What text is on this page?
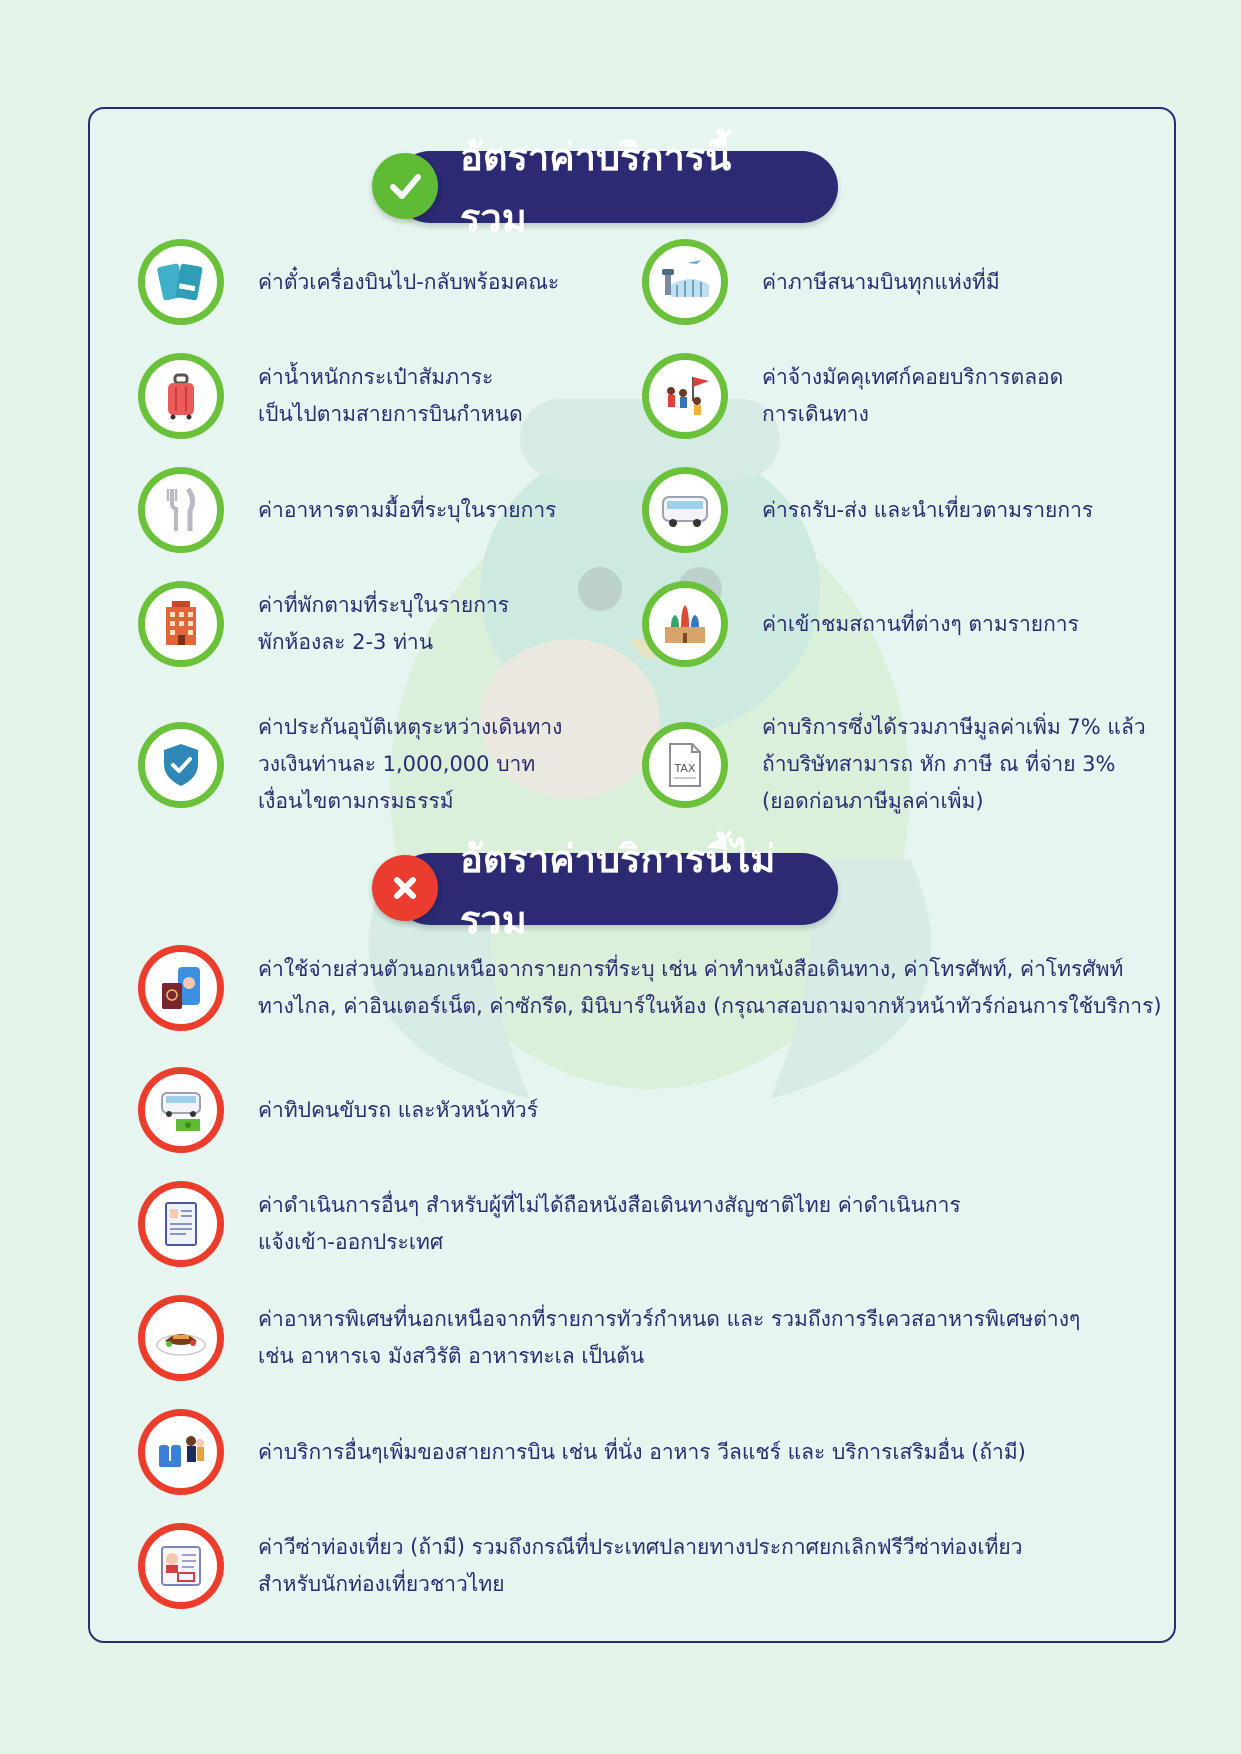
อัตราค่าบริการนี้รวม
ค่าตั๋วเครื่องบินไป-กลับพร้อมคณะ
ค่าน้ำหนักกระเป๋าสัมภาระ
เป็นไปตามสายการบินกำหนด
ค่าอาหารตามมื้อที่ระบุในรายการ
ค่าที่พักตามที่ระบุในรายการ
พักห้องละ 2-3 ท่าน
ค่าประกันอุบัติเหตุระหว่างเดินทาง
วงเงินท่านละ 1,000,000 บาท
เงื่อนไขตามกรมธรรม์
ค่าภาษีสนามบินทุกแห่งที่มี
ค่าจ้างมัคคุเทศก์คอยบริการตลอด
การเดินทาง
ค่ารถรับ-ส่ง และนำเที่ยวตามรายการ
ค่าเข้าชมสถานที่ต่างๆ ตามรายการ
TAX
ค่าบริการซึ่งได้รวมภาษีมูลค่าเพิ่ม 7% แล้ว
ถ้าบริษัทสามารถ หัก ภาษี ณ ที่จ่าย 3%
(ยอดก่อนภาษีมูลค่าเพิ่ม)
อัตราค่าบริการนี้ไม่รวม
ค่าใช้จ่ายส่วนตัวนอกเหนือจากรายการที่ระบุ เช่น ค่าทำหนังสือเดินทาง, ค่าโทรศัพท์, ค่าโทรศัพท์
ทางไกล, ค่าอินเตอร์เน็ต, ค่าซักรีด, มินิบาร์ในห้อง (กรุณาสอบถามจากหัวหน้าทัวร์ก่อนการใช้บริการ)
ค่าทิปคนขับรถ และหัวหน้าทัวร์
ค่าดำเนินการอื่นๆ สำหรับผู้ที่ไม่ได้ถือหนังสือเดินทางสัญชาติไทย ค่าดำเนินการ
แจ้งเข้า-ออกประเทศ
ค่าอาหารพิเศษที่นอกเหนือจากที่รายการทัวร์กำหนด และ รวมถึงการรีเควสอาหารพิเศษต่างๆ
เช่น อาหารเจ มังสวิรัติ อาหารทะเล เป็นต้น
ค่าบริการอื่นๆเพิ่มของสายการบิน เช่น ที่นั่ง อาหาร วีลแชร์ และ บริการเสริมอื่น (ถ้ามี)
ค่าวีซ่าท่องเที่ยว (ถ้ามี) รวมถึงกรณีที่ประเทศปลายทางประกาศยกเลิกฟรีวีซ่าท่องเที่ยว
สำหรับนักท่องเที่ยวชาวไทย
